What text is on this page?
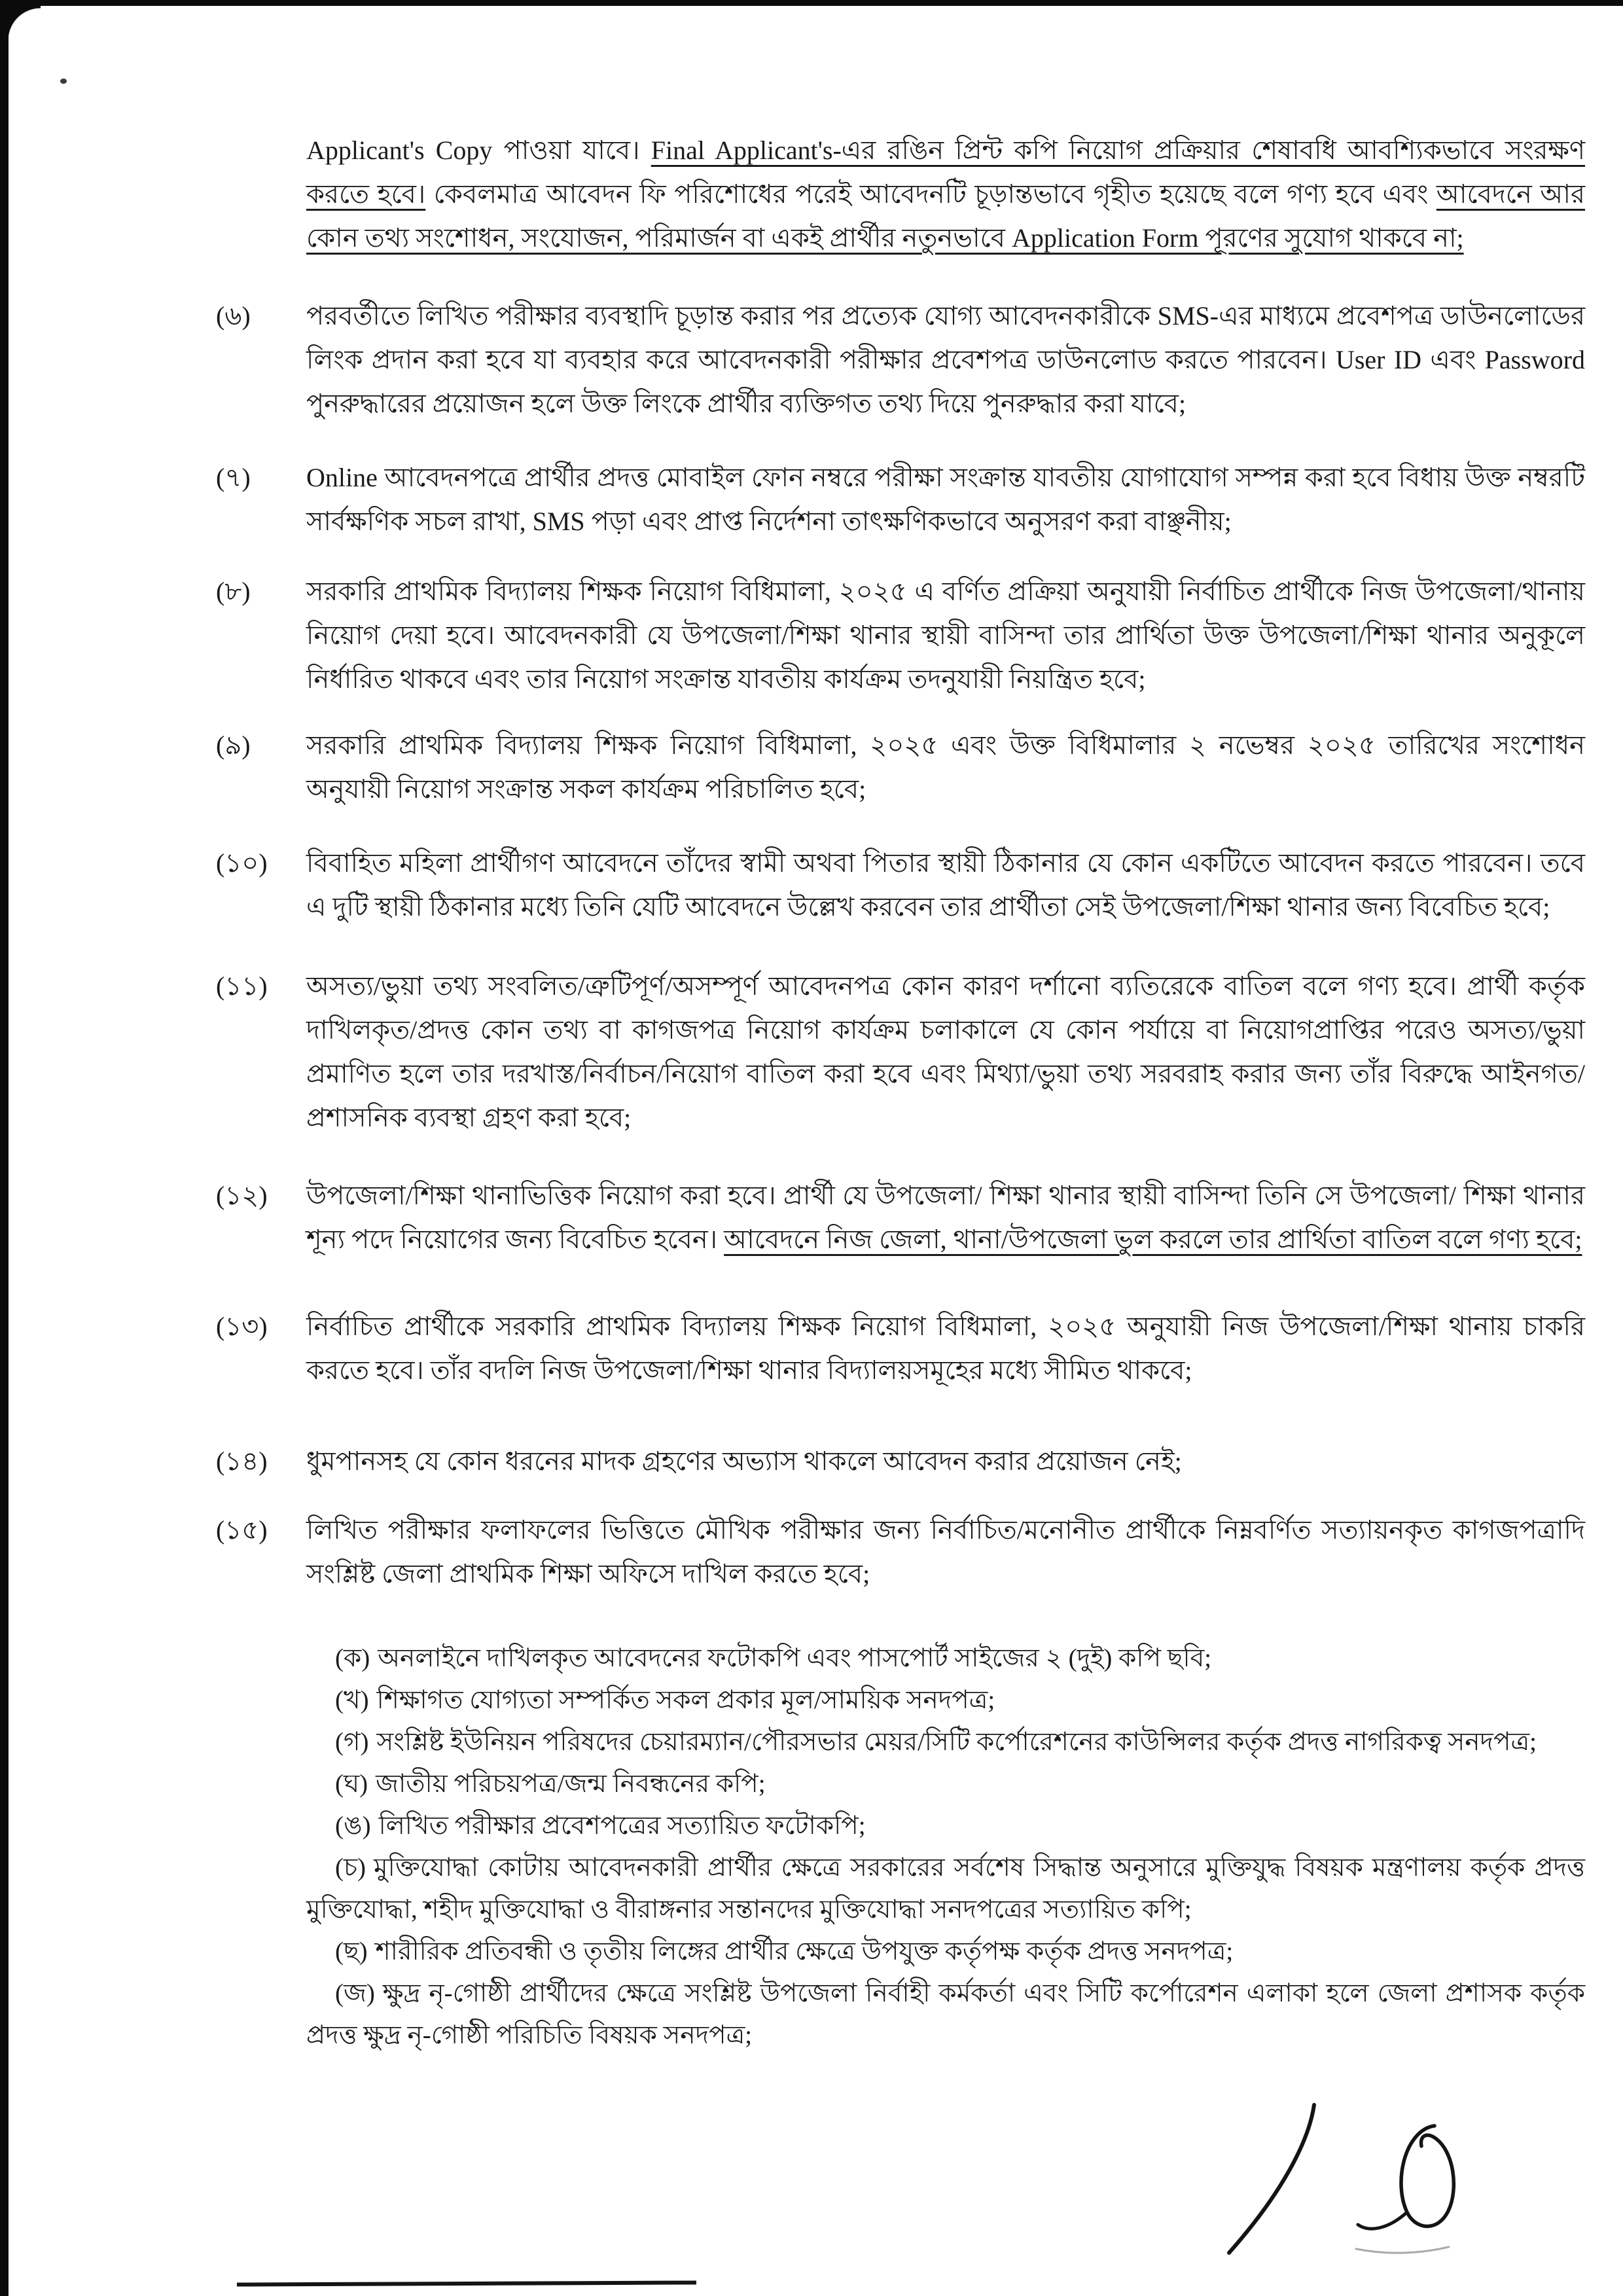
Applicant's Copy পাওয়া যাবে। Final Applicant's-এর রঙিন প্রিন্ট কপি নিয়োগ প্রক্রিয়ার শেষাবধি আবশ্যিকভাবে সংরক্ষণ করতে হবে। কেবলমাত্র আবেদন ফি পরিশোধের পরেই আবেদনটি চূড়ান্তভাবে গৃহীত হয়েছে বলে গণ্য হবে এবং আবেদনে আর কোন তথ্য সংশোধন, সংযোজন, পরিমার্জন বা একই প্রার্থীর নতুনভাবে Application Form পূরণের সুযোগ থাকবে না;

(৬)	পরবর্তীতে লিখিত পরীক্ষার ব্যবস্থাদি চূড়ান্ত করার পর প্রত্যেক যোগ্য আবেদনকারীকে SMS-এর মাধ্যমে প্রবেশপত্র ডাউনলোডের লিংক প্রদান করা হবে যা ব্যবহার করে আবেদনকারী পরীক্ষার প্রবেশপত্র ডাউনলোড করতে পারবেন। User ID এবং Password পুনরুদ্ধারের প্রয়োজন হলে উক্ত লিংকে প্রার্থীর ব্যক্তিগত তথ্য দিয়ে পুনরুদ্ধার করা যাবে;
(৭)	Online আবেদনপত্রে প্রার্থীর প্রদত্ত মোবাইল ফোন নম্বরে পরীক্ষা সংক্রান্ত যাবতীয় যোগাযোগ সম্পন্ন করা হবে বিধায় উক্ত নম্বরটি সার্বক্ষণিক সচল রাখা, SMS পড়া এবং প্রাপ্ত নির্দেশনা তাৎক্ষণিকভাবে অনুসরণ করা বাঞ্ছনীয়;
(৮)	সরকারি প্রাথমিক বিদ্যালয় শিক্ষক নিয়োগ বিধিমালা, ২০২৫ এ বর্ণিত প্রক্রিয়া অনুযায়ী নির্বাচিত প্রার্থীকে নিজ উপজেলা/থানায় নিয়োগ দেয়া হবে। আবেদনকারী যে উপজেলা/শিক্ষা থানার স্থায়ী বাসিন্দা তার প্রার্থিতা উক্ত উপজেলা/শিক্ষা থানার অনুকূলে নির্ধারিত থাকবে এবং তার নিয়োগ সংক্রান্ত যাবতীয় কার্যক্রম তদনুযায়ী নিয়ন্ত্রিত হবে;
(৯)	সরকারি প্রাথমিক বিদ্যালয় শিক্ষক নিয়োগ বিধিমালা, ২০২৫ এবং উক্ত বিধিমালার ২ নভেম্বর ২০২৫ তারিখের সংশোধন অনুযায়ী নিয়োগ সংক্রান্ত সকল কার্যক্রম পরিচালিত হবে;
(১০)	বিবাহিত মহিলা প্রার্থীগণ আবেদনে তাঁদের স্বামী অথবা পিতার স্থায়ী ঠিকানার যে কোন একটিতে আবেদন করতে পারবেন। তবে এ দুটি স্থায়ী ঠিকানার মধ্যে তিনি যেটি আবেদনে উল্লেখ করবেন তার প্রার্থীতা সেই উপজেলা/শিক্ষা থানার জন্য বিবেচিত হবে;
(১১)	অসত্য/ভুয়া তথ্য সংবলিত/ত্রুটিপূর্ণ/অসম্পূর্ণ আবেদনপত্র কোন কারণ দর্শানো ব্যতিরেকে বাতিল বলে গণ্য হবে। প্রার্থী কর্তৃক দাখিলকৃত/প্রদত্ত কোন তথ্য বা কাগজপত্র নিয়োগ কার্যক্রম চলাকালে যে কোন পর্যায়ে বা নিয়োগপ্রাপ্তির পরেও অসত্য/ভুয়া প্রমাণিত হলে তার দরখাস্ত/নির্বাচন/নিয়োগ বাতিল করা হবে এবং মিথ্যা/ভুয়া তথ্য সরবরাহ করার জন্য তাঁর বিরুদ্ধে আইনগত/প্রশাসনিক ব্যবস্থা গ্রহণ করা হবে;
(১২)	উপজেলা/শিক্ষা থানাভিত্তিক নিয়োগ করা হবে। প্রার্থী যে উপজেলা/ শিক্ষা থানার স্থায়ী বাসিন্দা তিনি সে উপজেলা/ শিক্ষা থানার শূন্য পদে নিয়োগের জন্য বিবেচিত হবেন। আবেদনে নিজ জেলা, থানা/উপজেলা ভুল করলে তার প্রার্থিতা বাতিল বলে গণ্য হবে;
(১৩)	নির্বাচিত প্রার্থীকে সরকারি প্রাথমিক বিদ্যালয় শিক্ষক নিয়োগ বিধিমালা, ২০২৫ অনুযায়ী নিজ উপজেলা/শিক্ষা থানায় চাকরি করতে হবে। তাঁর বদলি নিজ উপজেলা/শিক্ষা থানার বিদ্যালয়সমূহের মধ্যে সীমিত থাকবে;
(১৪)	ধুমপানসহ যে কোন ধরনের মাদক গ্রহণের অভ্যাস থাকলে আবেদন করার প্রয়োজন নেই;
(১৫)	লিখিত পরীক্ষার ফলাফলের ভিত্তিতে মৌখিক পরীক্ষার জন্য নির্বাচিত/মনোনীত প্রার্থীকে নিম্নবর্ণিত সত্যায়নকৃত কাগজপত্রাদি সংশ্লিষ্ট জেলা প্রাথমিক শিক্ষা অফিসে দাখিল করতে হবে;

(ক) অনলাইনে দাখিলকৃত আবেদনের ফটোকপি এবং পাসপোর্ট সাইজের ২ (দুই) কপি ছবি;

(খ) শিক্ষাগত যোগ্যতা সম্পর্কিত সকল প্রকার মূল/সাময়িক সনদপত্র;

(গ) সংশ্লিষ্ট ইউনিয়ন পরিষদের চেয়ারম্যান/পৌরসভার মেয়র/সিটি কর্পোরেশনের কাউন্সিলর কর্তৃক প্রদত্ত নাগরিকত্ব সনদপত্র;

(ঘ) জাতীয় পরিচয়পত্র/জন্ম নিবন্ধনের কপি;

(ঙ) লিখিত পরীক্ষার প্রবেশপত্রের সত্যায়িত ফটোকপি;

(চ) মুক্তিযোদ্ধা কোটায় আবেদনকারী প্রার্থীর ক্ষেত্রে সরকারের সর্বশেষ সিদ্ধান্ত অনুসারে মুক্তিযুদ্ধ বিষয়ক মন্ত্রণালয় কর্তৃক প্রদত্ত মুক্তিযোদ্ধা, শহীদ মুক্তিযোদ্ধা ও বীরাঙ্গনার সন্তানদের মুক্তিযোদ্ধা সনদপত্রের সত্যায়িত কপি;

(ছ) শারীরিক প্রতিবন্ধী ও তৃতীয় লিঙ্গের প্রার্থীর ক্ষেত্রে উপযুক্ত কর্তৃপক্ষ কর্তৃক প্রদত্ত সনদপত্র;

(জ) ক্ষুদ্র নৃ-গোষ্ঠী প্রার্থীদের ক্ষেত্রে সংশ্লিষ্ট উপজেলা নির্বাহী কর্মকর্তা এবং সিটি কর্পোরেশন এলাকা হলে জেলা প্রশাসক কর্তৃক প্রদত্ত ক্ষুদ্র নৃ-গোষ্ঠী পরিচিতি বিষয়ক সনদপত্র;
